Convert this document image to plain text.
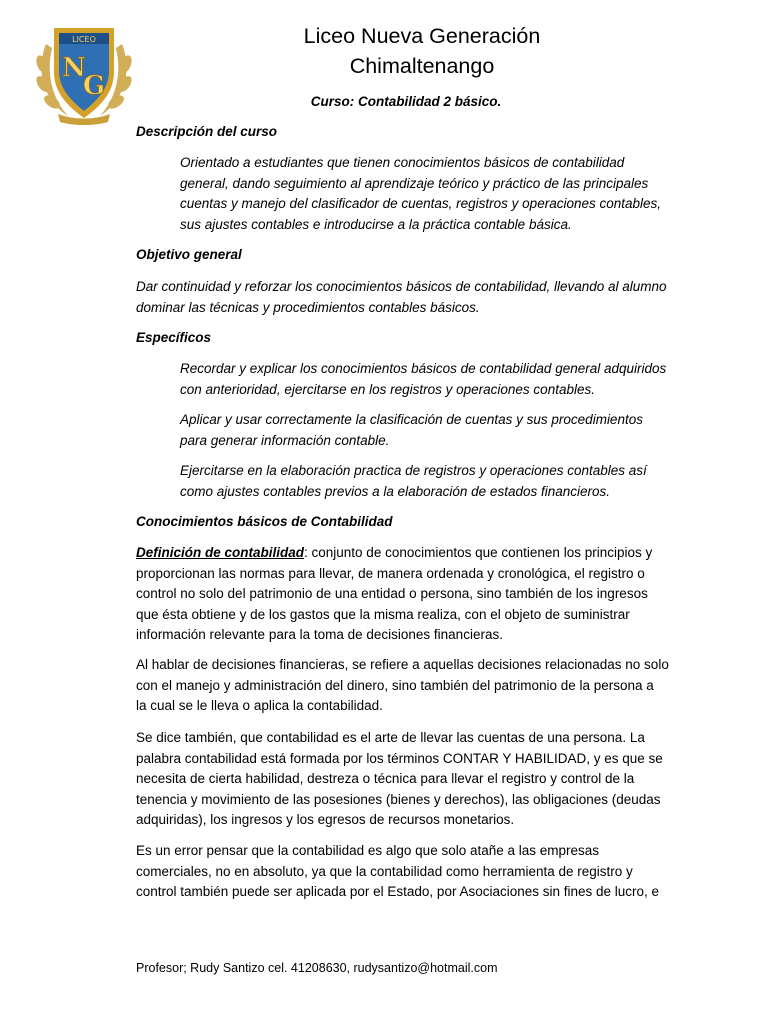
LICEO
N
G
Liceo Nueva Generación
Chimaltenango
Curso: Contabilidad 2 básico.
Descripción del curso
Orientado a estudiantes que tienen conocimientos básicos de contabilidad
general, dando seguimiento al aprendizaje teórico y práctico de las principales
cuentas y manejo del clasificador de cuentas, registros y operaciones contables,
sus ajustes contables e introducirse a la práctica contable básica.
Objetivo general
Dar continuidad y reforzar los conocimientos básicos de contabilidad, llevando al alumno
dominar las técnicas y procedimientos contables básicos.
Específicos
Recordar y explicar los conocimientos básicos de contabilidad general adquiridos
con anterioridad, ejercitarse en los registros y operaciones contables.
Aplicar y usar correctamente la clasificación de cuentas y sus procedimientos
para generar información contable.
Ejercitarse en la elaboración practica de registros y operaciones contables así
como ajustes contables previos a la elaboración de estados financieros.
Conocimientos básicos de Contabilidad
Definición de contabilidad: conjunto de conocimientos que contienen los principios y
proporcionan las normas para llevar, de manera ordenada y cronológica, el registro o
control no solo del patrimonio de una entidad o persona, sino también de los ingresos
que ésta obtiene y de los gastos que la misma realiza, con el objeto de suministrar
información relevante para la toma de decisiones financieras.
Al hablar de decisiones financieras, se refiere a aquellas decisiones relacionadas no solo
con el manejo y administración del dinero, sino también del patrimonio de la persona a
la cual se le lleva o aplica la contabilidad.
Se dice también, que contabilidad es el arte de llevar las cuentas de una persona. La
palabra contabilidad está formada por los términos CONTAR Y HABILIDAD, y es que se
necesita de cierta habilidad, destreza o técnica para llevar el registro y control de la
tenencia y movimiento de las posesiones (bienes y derechos), las obligaciones (deudas
adquiridas), los ingresos y los egresos de recursos monetarios.
Es un error pensar que la contabilidad es algo que solo atañe a las empresas
comerciales, no en absoluto, ya que la contabilidad como herramienta de registro y
control también puede ser aplicada por el Estado, por Asociaciones sin fines de lucro, e
Profesor; Rudy Santizo cel. 41208630, rudysantizo@hotmail.com
